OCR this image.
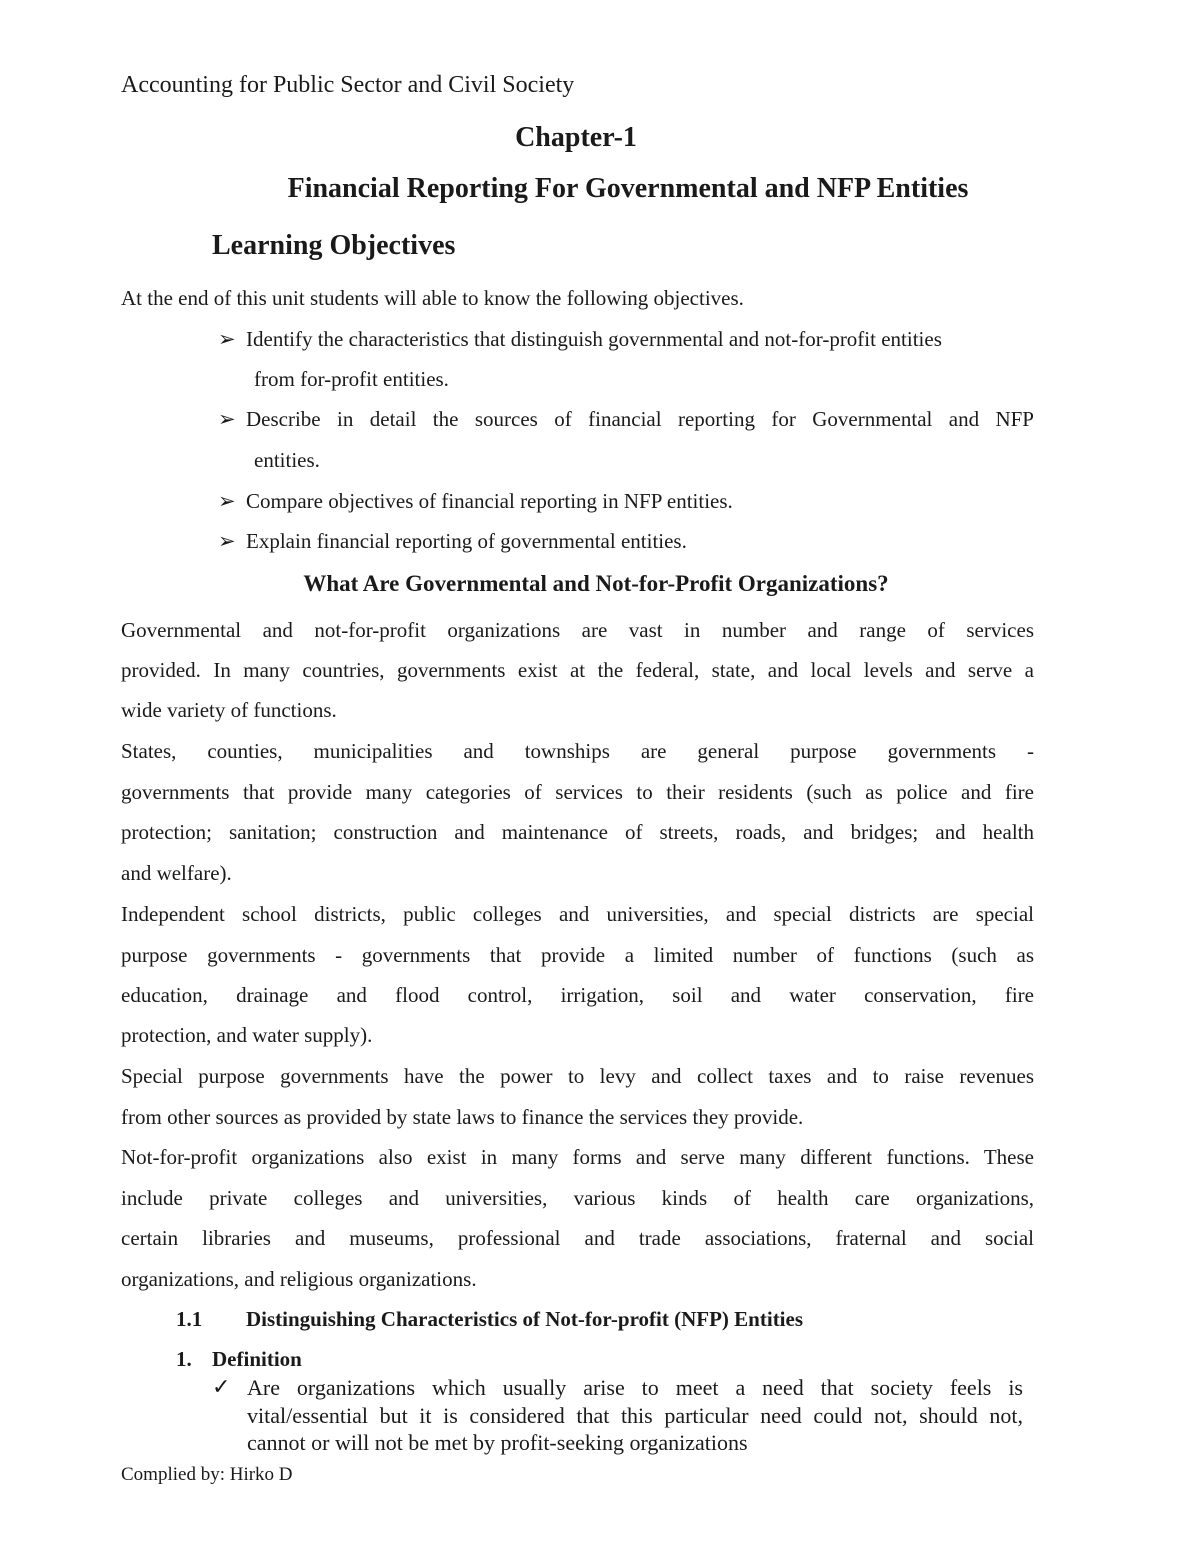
Accounting for Public Sector and Civil Society
Chapter-1
Financial Reporting For Governmental and NFP Entities
Learning Objectives
At the end of this unit students will able to know the following objectives.
➢ Identify the characteristics that distinguish governmental and not-for-profit entities
from for-profit entities.
➢ Describe in detail the sources of financial reporting for Governmental and NFP
entities.
➢ Compare objectives of financial reporting in NFP entities.
➢ Explain financial reporting of governmental entities.
What Are Governmental and Not-for-Profit Organizations?
Governmental and not-for-profit organizations are vast in number and range of services
provided. In many countries, governments exist at the federal, state, and local levels and serve a
wide variety of functions.
States, counties, municipalities and townships are general purpose governments -
governments that provide many categories of services to their residents (such as police and fire
protection; sanitation; construction and maintenance of streets, roads, and bridges; and health
and welfare).
Independent school districts, public colleges and universities, and special districts are special
purpose governments - governments that provide a limited number of functions (such as
education, drainage and flood control, irrigation, soil and water conservation, fire
protection, and water supply).
Special purpose governments have the power to levy and collect taxes and to raise revenues
from other sources as provided by state laws to finance the services they provide.
Not-for-profit organizations also exist in many forms and serve many different functions. These
include private colleges and universities, various kinds of health care organizations,
certain libraries and museums, professional and trade associations, fraternal and social
organizations, and religious organizations.
1.1 Distinguishing Characteristics of Not-for-profit (NFP) Entities
1. Definition
✓ Are organizations which usually arise to meet a need that society feels is
vital/essential but it is considered that this particular need could not, should not,
cannot or will not be met by profit-seeking organizations
Complied by: Hirko D
